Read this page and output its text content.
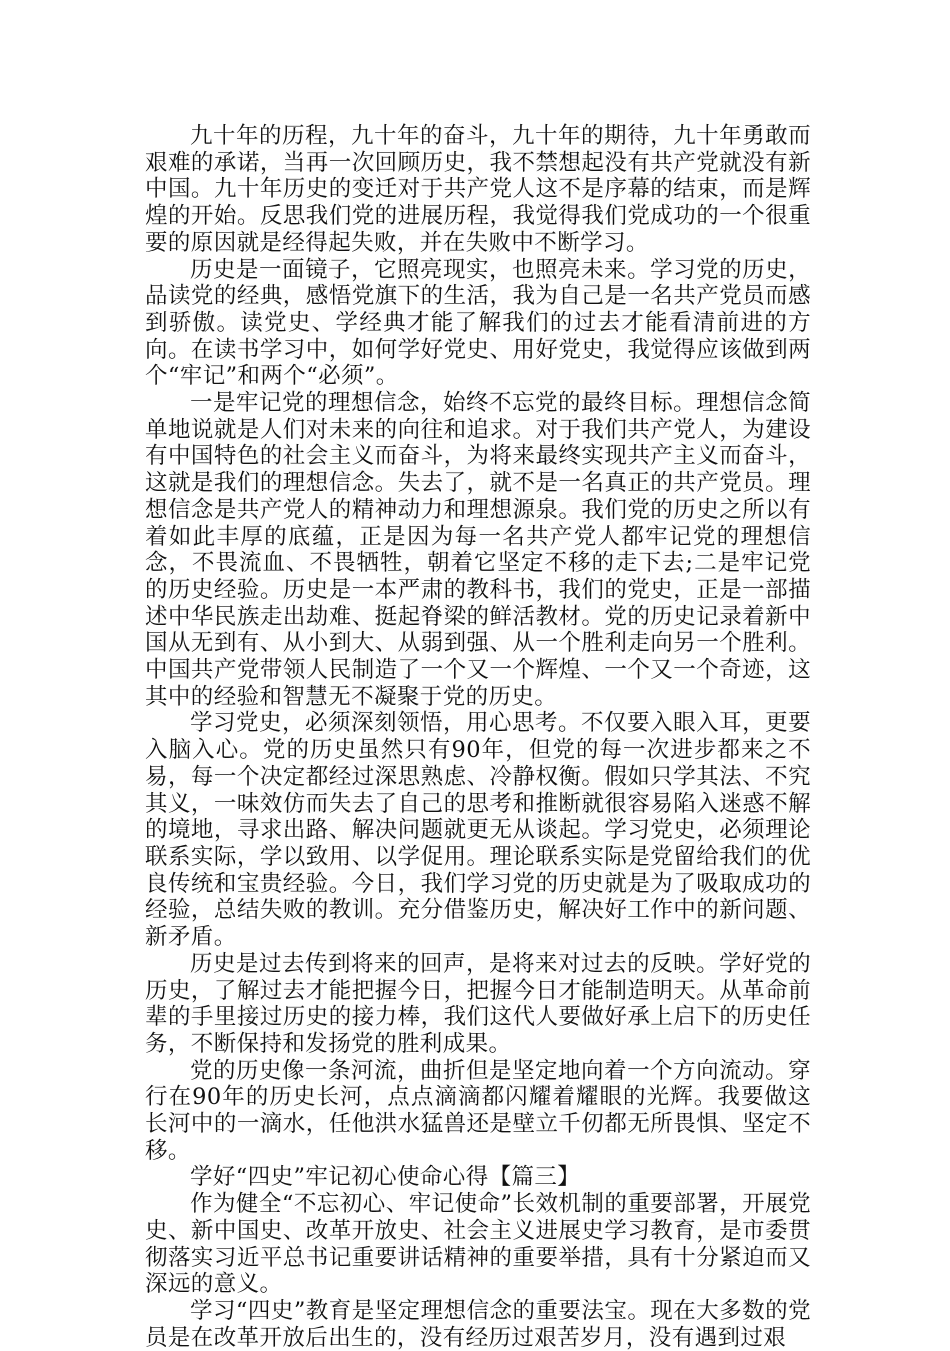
九十年的历程，九十年的奋斗，九十年的期待，九十年勇敢而艰难的承诺，当再一次回顾历史，我不禁想起没有共产党就没有新中国。九十年历史的变迁对于共产党人这不是序幕的结束，而是辉煌的开始。反思我们党的进展历程，我觉得我们党成功的一个很重要的原因就是经得起失败，并在失败中不断学习。

历史是一面镜子，它照亮现实，也照亮未来。学习党的历史，品读党的经典，感悟党旗下的生活，我为自己是一名共产党员而感到骄傲。读党史、学经典才能了解我们的过去才能看清前进的方向。在读书学习中，如何学好党史、用好党史，我觉得应该做到两个“牢记”和两个“必须”。

一是牢记党的理想信念，始终不忘党的最终目标。理想信念简单地说就是人们对未来的向往和追求。对于我们共产党人，为建设有中国特色的社会主义而奋斗，为将来最终实现共产主义而奋斗，这就是我们的理想信念。失去了，就不是一名真正的共产党员。理想信念是共产党人的精神动力和理想源泉。我们党的历史之所以有着如此丰厚的底蕴，正是因为每一名共产党人都牢记党的理想信念，不畏流血、不畏牺牲，朝着它坚定不移的走下去;二是牢记党的历史经验。历史是一本严肃的教科书，我们的党史，正是一部描述中华民族走出劫难、挺起脊梁的鲜活教材。党的历史记录着新中国从无到有、从小到大、从弱到强、从一个胜利走向另一个胜利。中国共产党带领人民制造了一个又一个辉煌、一个又一个奇迹，这其中的经验和智慧无不凝聚于党的历史。

学习党史，必须深刻领悟，用心思考。不仅要入眼入耳，更要入脑入心。党的历史虽然只有90年，但党的每一次进步都来之不易，每一个决定都经过深思熟虑、冷静权衡。假如只学其法、不究其义，一味效仿而失去了自己的思考和推断就很容易陷入迷惑不解的境地，寻求出路、解决问题就更无从谈起。学习党史，必须理论联系实际，学以致用、以学促用。理论联系实际是党留给我们的优良传统和宝贵经验。今日，我们学习党的历史就是为了吸取成功的经验，总结失败的教训。充分借鉴历史，解决好工作中的新问题、新矛盾。

历史是过去传到将来的回声，是将来对过去的反映。学好党的历史，了解过去才能把握今日，把握今日才能制造明天。从革命前辈的手里接过历史的接力棒，我们这代人要做好承上启下的历史任务，不断保持和发扬党的胜利成果。

党的历史像一条河流，曲折但是坚定地向着一个方向流动。穿行在90年的历史长河，点点滴滴都闪耀着耀眼的光辉。我要做这长河中的一滴水，任他洪水猛兽还是壁立千仞都无所畏惧、坚定不移。

学好“四史”牢记初心使命心得【篇三】

作为健全“不忘初心、牢记使命”长效机制的重要部署，开展党史、新中国史、改革开放史、社会主义进展史学习教育，是市委贯彻落实习近平总书记重要讲话精神的重要举措，具有十分紧迫而又深远的意义。

学习“四史”教育是坚定理想信念的重要法宝。现在大多数的党员是在改革开放后出生的，没有经历过艰苦岁月，没有遇到过艰
